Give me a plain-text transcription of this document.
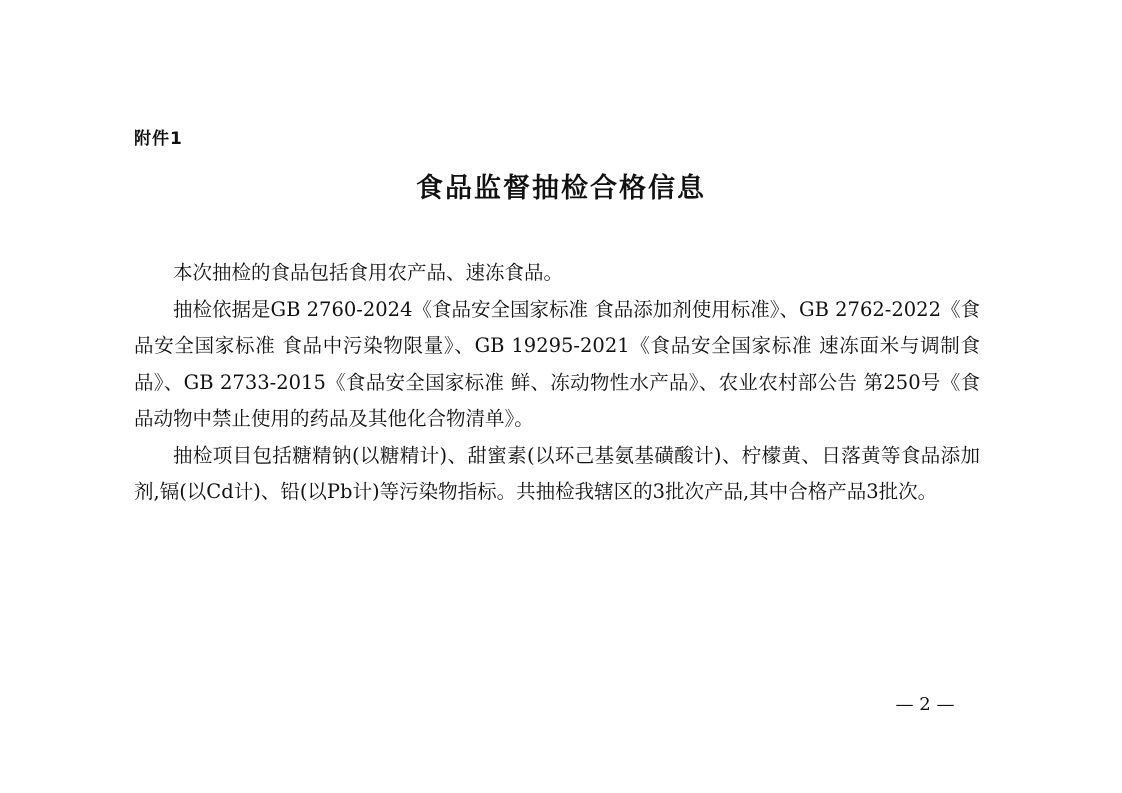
附件1
食品监督抽检合格信息

本次抽检的食品包括食用农产品、速冻食品。

抽检依据是GB 2760-2024《食品安全国家标准 食品添加剂使用标准》、GB 2762-2022《食品安全国家标准 食品中污染物限量》、GB 19295-2021《食品安全国家标准 速冻面米与调制食品》、GB 2733-2015《食品安全国家标准 鲜、冻动物性水产品》、农业农村部公告 第250号《食品动物中禁止使用的药品及其他化合物清单》。

抽检项目包括糖精钠(以糖精计)、甜蜜素(以环己基氨基磺酸计)、柠檬黄、日落黄等食品添加剂,镉(以Cd计)、铅(以Pb计)等污染物指标。共抽检我辖区的3批次产品,其中合格产品3批次。

— 2 —
